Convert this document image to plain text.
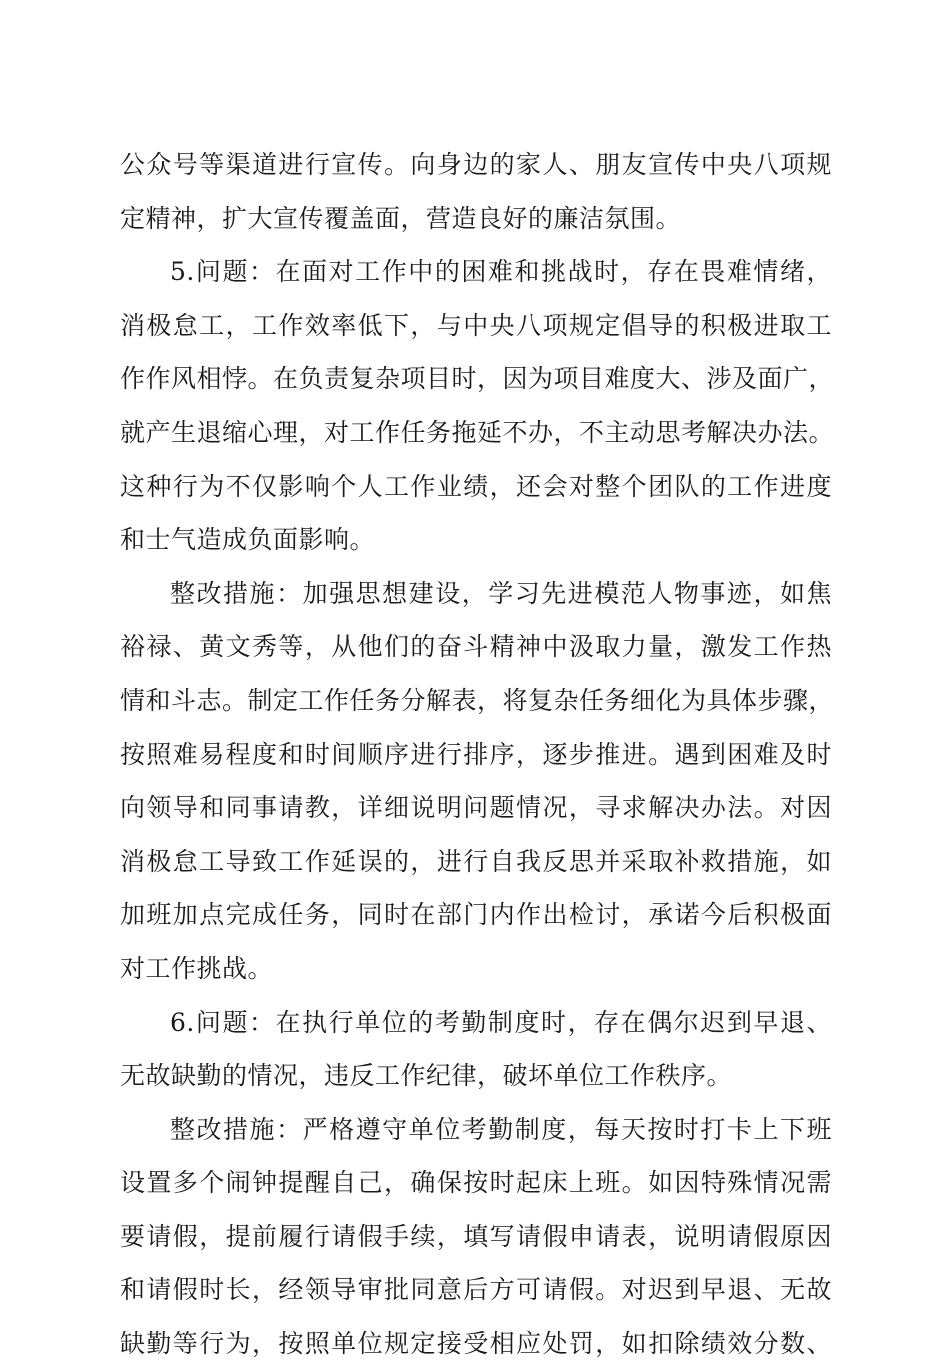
公众号等渠道进行宣传。向身边的家人、朋友宣传中央八项规
定精神，扩大宣传覆盖面，营造良好的廉洁氛围。
5.问题：在面对工作中的困难和挑战时，存在畏难情绪，
消极怠工，工作效率低下，与中央八项规定倡导的积极进取工
作作风相悖。在负责复杂项目时，因为项目难度大、涉及面广，
就产生退缩心理，对工作任务拖延不办，不主动思考解决办法。
这种行为不仅影响个人工作业绩，还会对整个团队的工作进度
和士气造成负面影响。
整改措施：加强思想建设，学习先进模范人物事迹，如焦
裕禄、黄文秀等，从他们的奋斗精神中汲取力量，激发工作热
情和斗志。制定工作任务分解表，将复杂任务细化为具体步骤，
按照难易程度和时间顺序进行排序，逐步推进。遇到困难及时
向领导和同事请教，详细说明问题情况，寻求解决办法。对因
消极怠工导致工作延误的，进行自我反思并采取补救措施，如
加班加点完成任务，同时在部门内作出检讨，承诺今后积极面
对工作挑战。
6.问题：在执行单位的考勤制度时，存在偶尔迟到早退、
无故缺勤的情况，违反工作纪律，破坏单位工作秩序。
整改措施：严格遵守单位考勤制度，每天按时打卡上下班
设置多个闹钟提醒自己，确保按时起床上班。如因特殊情况需
要请假，提前履行请假手续，填写请假申请表，说明请假原因
和请假时长，经领导审批同意后方可请假。对迟到早退、无故
缺勤等行为，按照单位规定接受相应处罚，如扣除绩效分数、
